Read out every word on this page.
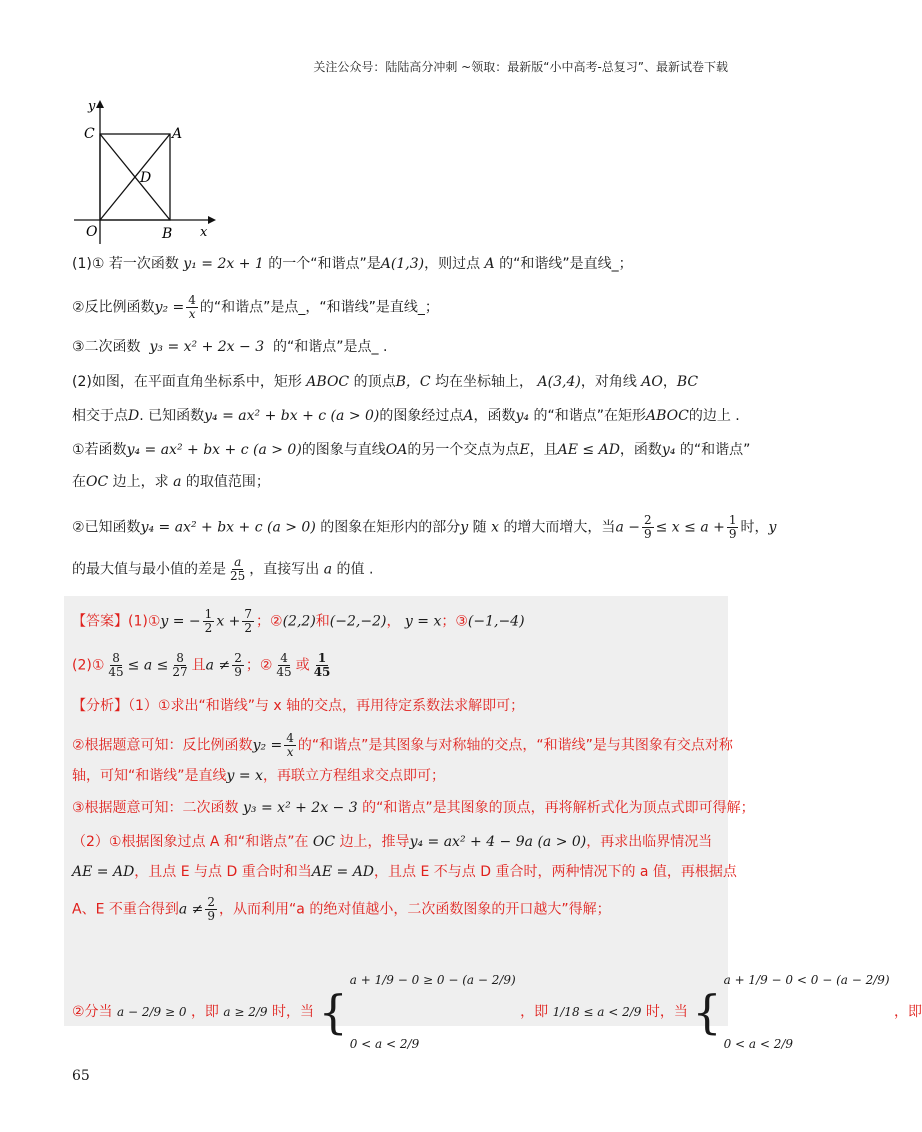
关注公众号：陆陆高分冲刺 ~领取：最新版“小中高考-总复习”、最新试卷下载
y
C	A
D
O	B x
(1)① 若一次函数 y₁ = 2x + 1 的一个“和谐点”是A(1,3)，则过点 A 的“和谐线”是直线_；
②反比例函数$y_2 = \frac{4}{x}$ 的“和谐点”是点_，“和谐线”是直线_；
③二次函数 y₃ = x² + 2x − 3 的“和谐点”是点_ .
(2)如图，在平面直角坐标系中，矩形 ABOC 的顶点B，C 均在坐标轴上， A(3,4)，对角线 AO，BC
相交于点D. 已知函数y₄ = ax² + bx + c (a > 0)的图象经过点A，函数y₄ 的“和谐点”在矩形ABOC的边上 .
①若函数y₄ = ax² + bx + c (a > 0)的图象与直线OA的另一个交点为点E，且AE ≤ AD，函数y₄ 的“和谐点”
在OC 边上，求 a 的取值范围；
②已知函数y₄ = ax² + bx + c (a > 0) 的图象在矩形内的部分y 随 x 的增大而增大，当$a - \frac{2}{9} \le x \le a + \frac{1}{9}$ 时，y
的最大值与最小值的差是 $\frac{a}{25}$ ，直接写出 a 的值 .
【答案】(1)①y = − $\frac{1}{2}$ $x + \frac{7}{2}$ ；②(2,2)和(−2,−2)， y = x；③(−1,−4)
(2)① $\frac{8}{45} \le a \le \frac{8}{27}$ 且$a \ne \frac{2}{9}$ ；② $\frac{4}{45}$ 或 $\frac{1}{45}$
【分析】（1）①求出“和谐线”与 x 轴的交点，再用待定系数法求解即可；
②根据题意可知：反比例函数$y_2 = \frac{4}{x}$ 的“和谐点”是其图象与对称轴的交点，“和谐线”是与其图象有交点对称
轴，可知“和谐线”是直线y = x，再联立方程组求交点即可；
③根据题意可知：二次函数 y₃ = x² + 2x − 3 的“和谐点”是其图象的顶点，再将解析式化为顶点式即可得解；
（2）①根据图象过点 A 和“和谐点”在 OC 边上，推导y₄ = ax² + 4 − 9a (a > 0)，再求出临界情况当
AE = AD，且点 E 与点 D 重合时和当AE = AD，且点 E 不与点 D 重合时，两种情况下的 a 值，再根据点
A、E 不重合得到$a \ne \frac{2}{9}$ ，从而利用“a 的绝对值越小，二次函数图象的开口越大”得解；
②分当 a − 2/9 ≥ 0 ，即 a ≥ 2/9 时，当 {
a + 1/9 − 0 ≥ 0 − (a − 2/9)
0 < a < 2/9
，即 1/18 ≤ a < 2/9 时，当 {
a + 1/9 − 0 < 0 − (a − 2/9)
0 < a < 2/9
，即
65
